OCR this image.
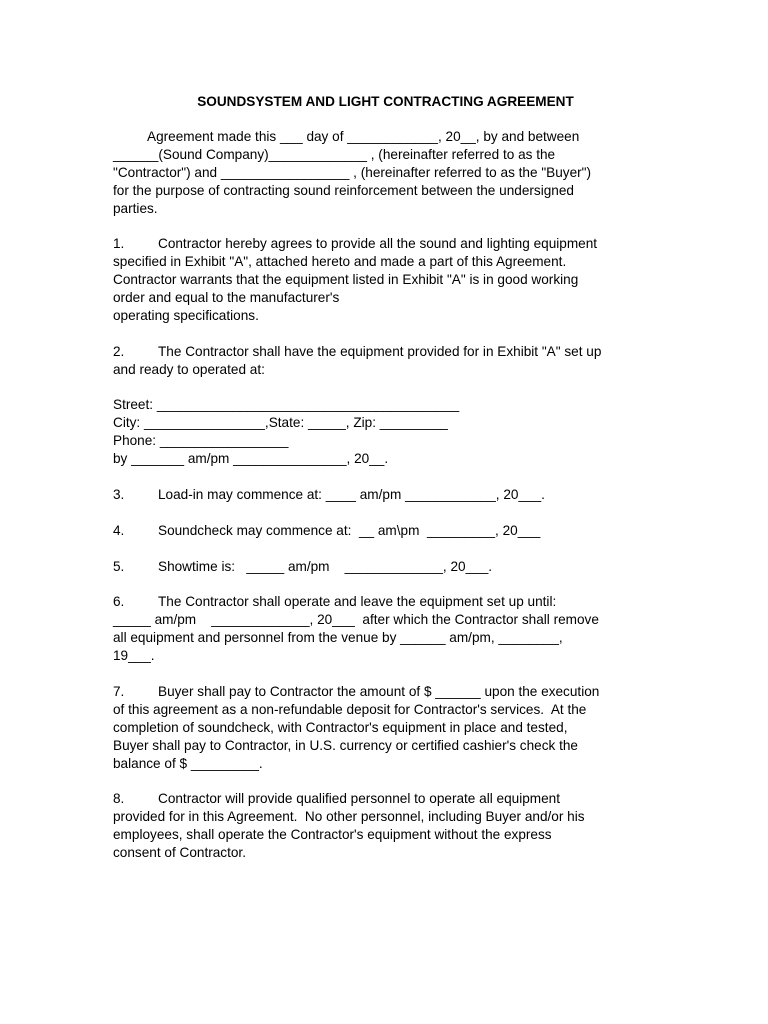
SOUNDSYSTEM AND LIGHT CONTRACTING AGREEMENT
Agreement made this ___ day of ____________, 20__, by and between
______(Sound Company)_____________ , (hereinafter referred to as the
"Contractor") and _________________ , (hereinafter referred to as the "Buyer")
for the purpose of contracting sound reinforcement between the undersigned
parties.
1. Contractor hereby agrees to provide all the sound and lighting equipment
specified in Exhibit "A", attached hereto and made a part of this Agreement.
Contractor warrants that the equipment listed in Exhibit "A" is in good working
order and equal to the manufacturer's
operating specifications.
2. The Contractor shall have the equipment provided for in Exhibit "A" set up
and ready to operated at:
Street: ________________________________________
City: ________________,State: _____, Zip: _________
Phone: _________________
by _______ am/pm _______________, 20__.
3. Load-in may commence at: ____ am/pm ____________, 20___.
4. Soundcheck may commence at:  __ am\pm  _________, 20___
5. Showtime is:   _____ am/pm    _____________, 20___.
6. The Contractor shall operate and leave the equipment set up until:
_____ am/pm    _____________, 20___  after which the Contractor shall remove
all equipment and personnel from the venue by ______ am/pm, ________,
19___.
7. Buyer shall pay to Contractor the amount of $ ______ upon the execution
of this agreement as a non-refundable deposit for Contractor's services.  At the
completion of soundcheck, with Contractor's equipment in place and tested,
Buyer shall pay to Contractor, in U.S. currency or certified cashier's check the
balance of $ _________.
8. Contractor will provide qualified personnel to operate all equipment
provided for in this Agreement.  No other personnel, including Buyer and/or his
employees, shall operate the Contractor's equipment without the express
consent of Contractor.
